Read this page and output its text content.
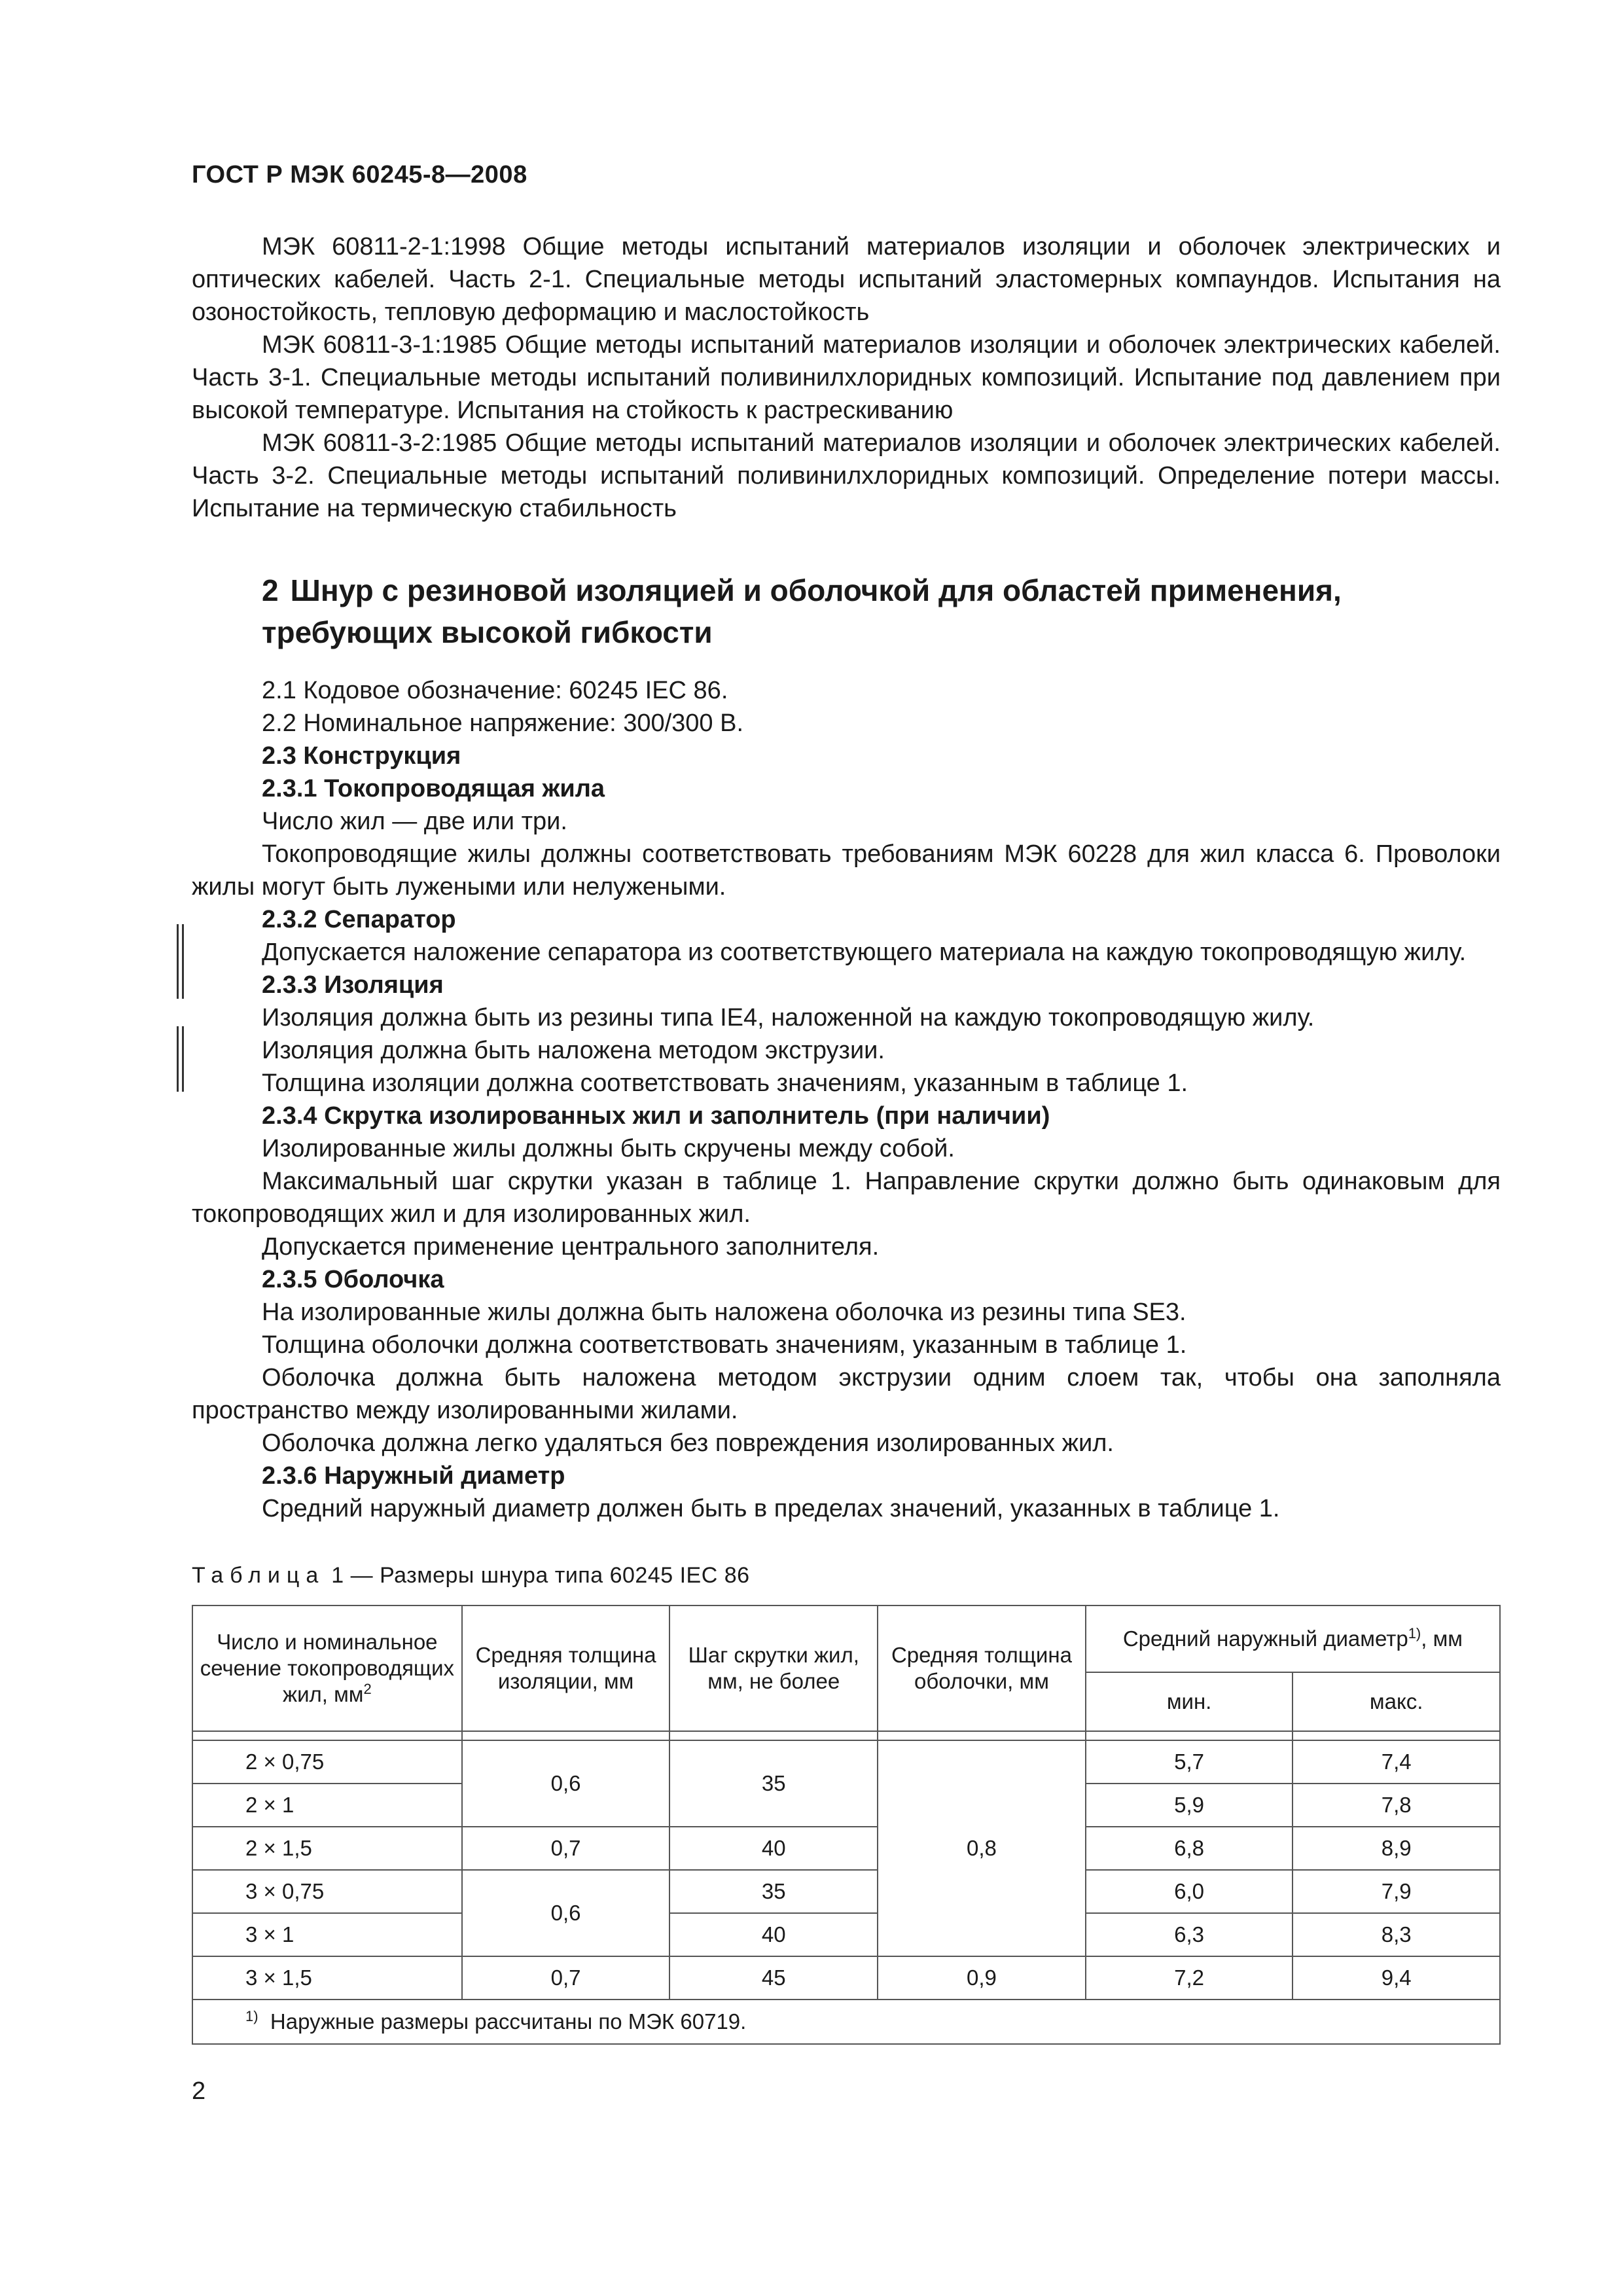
ГОСТ Р МЭК 60245-8—2008

МЭК 60811-2-1:1998 Общие методы испытаний материалов изоляции и оболочек электрических и оптических кабелей. Часть 2-1. Специальные методы испытаний эластомерных компаундов. Испытания на озоностойкость, тепловую деформацию и маслостойкость

МЭК 60811-3-1:1985 Общие методы испытаний материалов изоляции и оболочек электрических кабелей. Часть 3-1. Специальные методы испытаний поливинилхлоридных композиций. Испытание под давлением при высокой температуре. Испытания на стойкость к растрескиванию

МЭК 60811-3-2:1985 Общие методы испытаний материалов изоляции и оболочек электрических кабелей. Часть 3-2. Специальные методы испытаний поливинилхлоридных композиций. Определение потери массы. Испытание на термическую стабильность

2 Шнур с резиновой изоляцией и оболочкой для областей применения, требующих высокой гибкости

2.1 Кодовое обозначение: 60245 IEC 86.

2.2 Номинальное напряжение: 300/300 В.

2.3 Конструкция

2.3.1 Токопроводящая жила

Число жил — две или три.

Токопроводящие жилы должны соответствовать требованиям МЭК 60228 для жил класса 6. Проволоки жилы могут быть лужеными или нелужеными.

2.3.2 Сепаратор

Допускается наложение сепаратора из соответствующего материала на каждую токопроводящую жилу.

2.3.3 Изоляция

Изоляция должна быть из резины типа IE4, наложенной на каждую токопроводящую жилу.

Изоляция должна быть наложена методом экструзии.

Толщина изоляции должна соответствовать значениям, указанным в таблице 1.

2.3.4 Скрутка изолированных жил и заполнитель (при наличии)

Изолированные жилы должны быть скручены между собой.

Максимальный шаг скрутки указан в таблице 1. Направление скрутки должно быть одинаковым для токопроводящих жил и для изолированных жил.

Допускается применение центрального заполнителя.

2.3.5 Оболочка

На изолированные жилы должна быть наложена оболочка из резины типа SE3.

Толщина оболочки должна соответствовать значениям, указанным в таблице 1.

Оболочка должна быть наложена методом экструзии одним слоем так, чтобы она заполняла пространство между изолированными жилами.

Оболочка должна легко удаляться без повреждения изолированных жил.

2.3.6 Наружный диаметр

Средний наружный диаметр должен быть в пределах значений, указанных в таблице 1.

Таблица 1 — Размеры шнура типа 60245 IEC 86
Число и номинальное сечение токопроводящих жил, $мм^2$	Средняя толщина изоляции, мм	Шаг скрутки жил, мм, не более	Средняя толщина оболочки, мм	Средний наружный диаметр$^{1)}$, мм	
				мин.	макс.

2 × 0,75	0,6	35	0,8	5,7	7,4
2 × 1				5,9	7,8
2 × 1,5	0,7	40		6,8	8,9
3 × 0,75	0,6	35		6,0	7,9
3 × 1		40		6,3	8,3
3 × 1,5	0,7	45	0,9	7,2	9,4
$^{1)}$ Наружные размеры рассчитаны по МЭК 60719.					
2
